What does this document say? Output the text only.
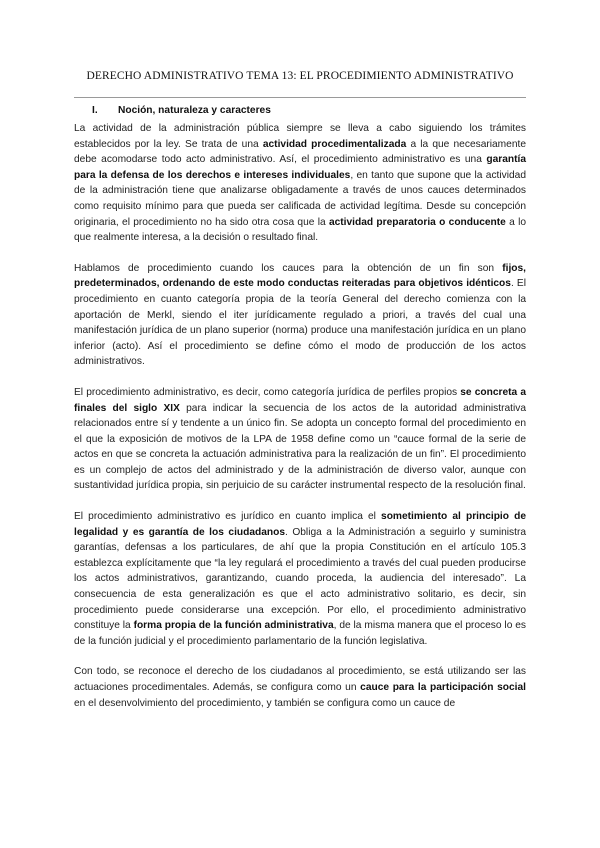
DERECHO ADMINISTRATIVO TEMA 13: EL PROCEDIMIENTO ADMINISTRATIVO
I. Noción, naturaleza y caracteres

La actividad de la administración pública siempre se lleva a cabo siguiendo los trámites establecidos por la ley. Se trata de una actividad procedimentalizada a la que necesariamente debe acomodarse todo acto administrativo. Así, el procedimiento administrativo es una garantía para la defensa de los derechos e intereses individuales, en tanto que supone que la actividad de la administración tiene que analizarse obligadamente a través de unos cauces determinados como requisito mínimo para que pueda ser calificada de actividad legítima. Desde su concepción originaria, el procedimiento no ha sido otra cosa que la actividad preparatoria o conducente a lo que realmente interesa, a la decisión o resultado final.

Hablamos de procedimiento cuando los cauces para la obtención de un fin son fijos, predeterminados, ordenando de este modo conductas reiteradas para objetivos idénticos. El procedimiento en cuanto categoría propia de la teoría General del derecho comienza con la aportación de Merkl, siendo el iter jurídicamente regulado a priori, a través del cual una manifestación jurídica de un plano superior (norma) produce una manifestación jurídica en un plano inferior (acto). Así el procedimiento se define cómo el modo de producción de los actos administrativos.

El procedimiento administrativo, es decir, como categoría jurídica de perfiles propios se concreta a finales del siglo XIX para indicar la secuencia de los actos de la autoridad administrativa relacionados entre sí y tendente a un único fin. Se adopta un concepto formal del procedimiento en el que la exposición de motivos de la LPA de 1958 define como un “cauce formal de la serie de actos en que se concreta la actuación administrativa para la realización de un fin”. El procedimiento es un complejo de actos del administrado y de la administración de diverso valor, aunque con sustantividad jurídica propia, sin perjuicio de su carácter instrumental respecto de la resolución final.

El procedimiento administrativo es jurídico en cuanto implica el sometimiento al principio de legalidad y es garantía de los ciudadanos. Obliga a la Administración a seguirlo y suministra garantías, defensas a los particulares, de ahí que la propia Constitución en el artículo 105.3 establezca explícitamente que “la ley regulará el procedimiento a través del cual pueden producirse los actos administrativos, garantizando, cuando proceda, la audiencia del interesado”. La consecuencia de esta generalización es que el acto administrativo solitario, es decir, sin procedimiento puede considerarse una excepción. Por ello, el procedimiento administrativo constituye la forma propia de la función administrativa, de la misma manera que el proceso lo es de la función judicial y el procedimiento parlamentario de la función legislativa.

Con todo, se reconoce el derecho de los ciudadanos al procedimiento, se está utilizando ser las actuaciones procedimentales. Además, se configura como un cauce para la participación social en el desenvolvimiento del procedimiento, y también se configura como un cauce de
